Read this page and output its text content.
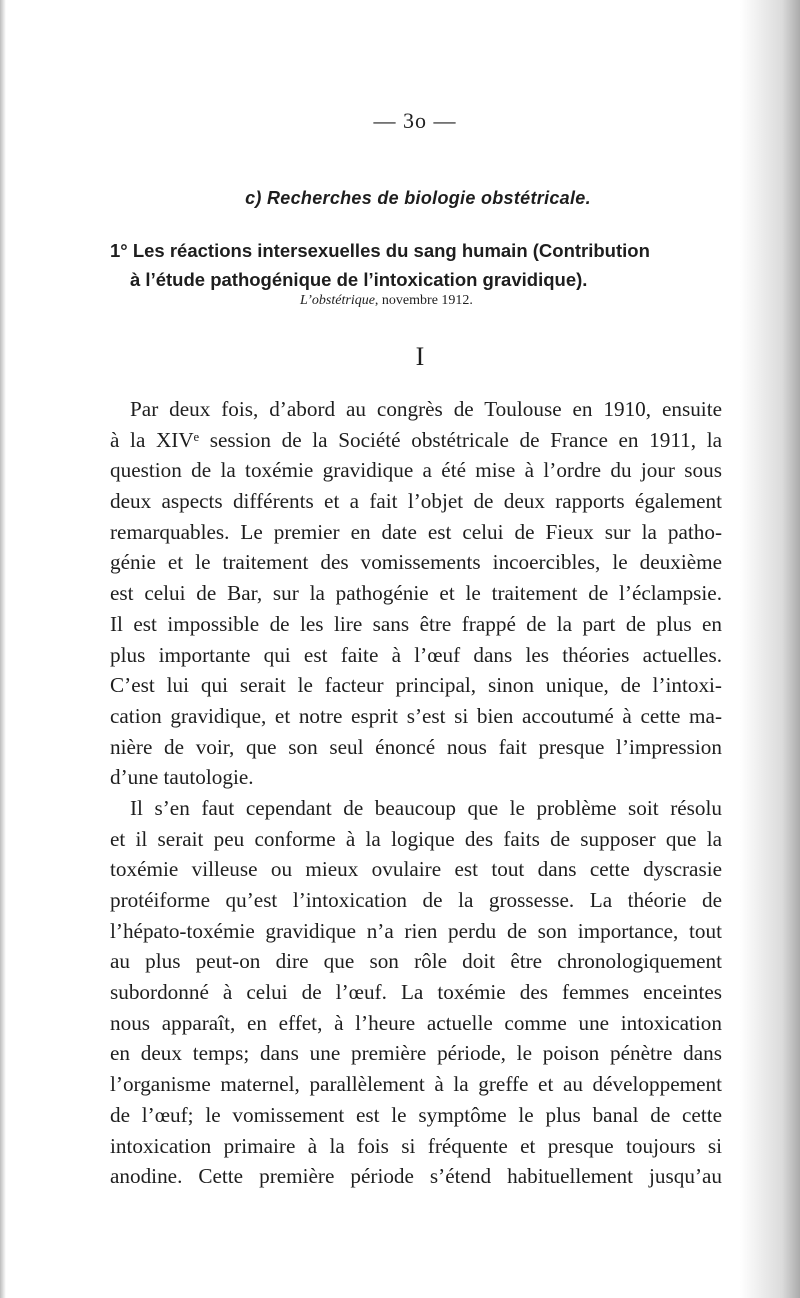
— 3o —
c) Recherches de biologie obstétricale.
1° Les réactions intersexuelles du sang humain (Contribution
à l’étude pathogénique de l’intoxication gravidique).
L’obstétrique, novembre 1912.
I
Par deux fois, d’abord au congrès de Toulouse en 1910, ensuite
à la XIVᵉ session de la Société obstétricale de France en 1911, la
question de la toxémie gravidique a été mise à l’ordre du jour sous
deux aspects différents et a fait l’objet de deux rapports également
remarquables. Le premier en date est celui de Fieux sur la patho-
génie et le traitement des vomissements incoercibles, le deuxième
est celui de Bar, sur la pathogénie et le traitement de l’éclampsie.
Il est impossible de les lire sans être frappé de la part de plus en
plus importante qui est faite à l’œuf dans les théories actuelles.
C’est lui qui serait le facteur principal, sinon unique, de l’intoxi-
cation gravidique, et notre esprit s’est si bien accoutumé à cette ma-
nière de voir, que son seul énoncé nous fait presque l’impression
d’une tautologie.
Il s’en faut cependant de beaucoup que le problème soit résolu
et il serait peu conforme à la logique des faits de supposer que la
toxémie villeuse ou mieux ovulaire est tout dans cette dyscrasie
protéiforme qu’est l’intoxication de la grossesse. La théorie de
l’hépato-toxémie gravidique n’a rien perdu de son importance, tout
au plus peut-on dire que son rôle doit être chronologiquement
subordonné à celui de l’œuf. La toxémie des femmes enceintes
nous apparaît, en effet, à l’heure actuelle comme une intoxication
en deux temps; dans une première période, le poison pénètre dans
l’organisme maternel, parallèlement à la greffe et au développement
de l’œuf; le vomissement est le symptôme le plus banal de cette
intoxication primaire à la fois si fréquente et presque toujours si
anodine. Cette première période s’étend habituellement jusqu’au
